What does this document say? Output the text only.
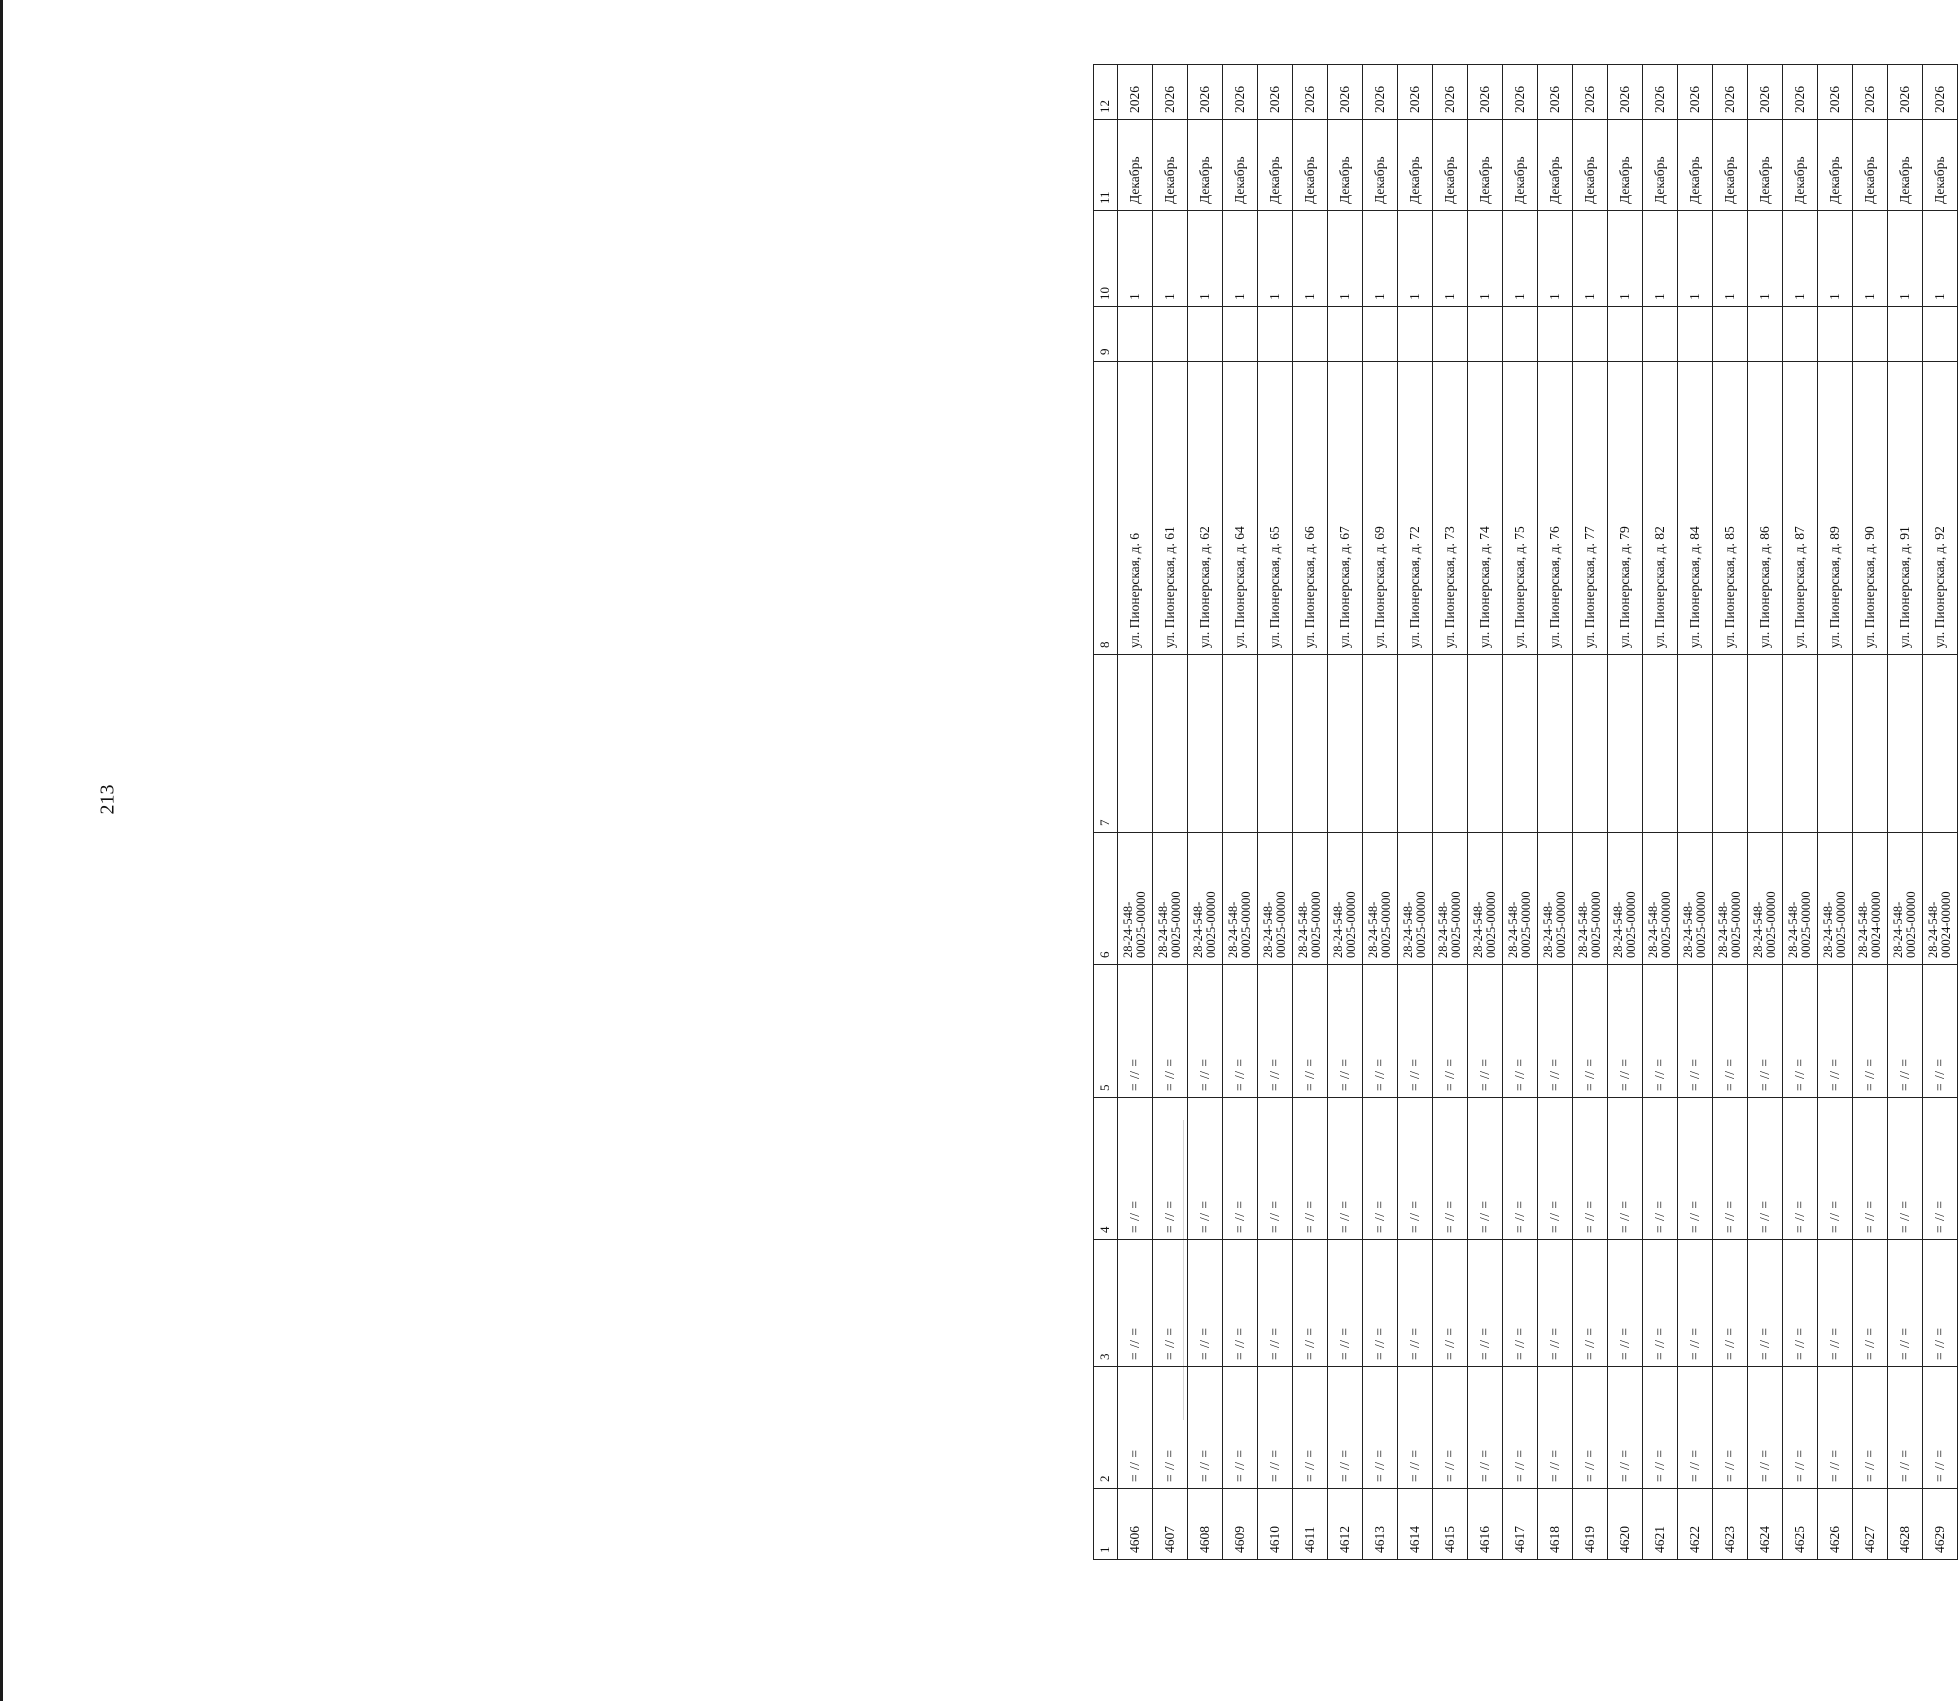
213
1	2	3	4	5	6	7	8	9	10	11	12
4606	= // =	= // =	= // =	= // =	28-24-548- 00025-00000		ул. Пионерская, д. 6		1	Декабрь	2026
4607	= // =	= // =	= // =	= // =	28-24-548- 00025-00000		ул. Пионерская, д. 61		1	Декабрь	2026
4608	= // =	= // =	= // =	= // =	28-24-548- 00025-00000		ул. Пионерская, д. 62		1	Декабрь	2026
4609	= // =	= // =	= // =	= // =	28-24-548- 00025-00000		ул. Пионерская, д. 64		1	Декабрь	2026
4610	= // =	= // =	= // =	= // =	28-24-548- 00025-00000		ул. Пионерская, д. 65		1	Декабрь	2026
4611	= // =	= // =	= // =	= // =	28-24-548- 00025-00000		ул. Пионерская, д. 66		1	Декабрь	2026
4612	= // =	= // =	= // =	= // =	28-24-548- 00025-00000		ул. Пионерская, д. 67		1	Декабрь	2026
4613	= // =	= // =	= // =	= // =	28-24-548- 00025-00000		ул. Пионерская, д. 69		1	Декабрь	2026
4614	= // =	= // =	= // =	= // =	28-24-548- 00025-00000		ул. Пионерская, д. 72		1	Декабрь	2026
4615	= // =	= // =	= // =	= // =	28-24-548- 00025-00000		ул. Пионерская, д. 73		1	Декабрь	2026
4616	= // =	= // =	= // =	= // =	28-24-548- 00025-00000		ул. Пионерская, д. 74		1	Декабрь	2026
4617	= // =	= // =	= // =	= // =	28-24-548- 00025-00000		ул. Пионерская, д. 75		1	Декабрь	2026
4618	= // =	= // =	= // =	= // =	28-24-548- 00025-00000		ул. Пионерская, д. 76		1	Декабрь	2026
4619	= // =	= // =	= // =	= // =	28-24-548- 00025-00000		ул. Пионерская, д. 77		1	Декабрь	2026
4620	= // =	= // =	= // =	= // =	28-24-548- 00025-00000		ул. Пионерская, д. 79		1	Декабрь	2026
4621	= // =	= // =	= // =	= // =	28-24-548- 00025-00000		ул. Пионерская, д. 82		1	Декабрь	2026
4622	= // =	= // =	= // =	= // =	28-24-548- 00025-00000		ул. Пионерская, д. 84		1	Декабрь	2026
4623	= // =	= // =	= // =	= // =	28-24-548- 00025-00000		ул. Пионерская, д. 85		1	Декабрь	2026
4624	= // =	= // =	= // =	= // =	28-24-548- 00025-00000		ул. Пионерская, д. 86		1	Декабрь	2026
4625	= // =	= // =	= // =	= // =	28-24-548- 00025-00000		ул. Пионерская, д. 87		1	Декабрь	2026
4626	= // =	= // =	= // =	= // =	28-24-548- 00025-00000		ул. Пионерская, д. 89		1	Декабрь	2026
4627	= // =	= // =	= // =	= // =	28-24-548- 00024-00000		ул. Пионерская, д. 90		1	Декабрь	2026
4628	= // =	= // =	= // =	= // =	28-24-548- 00025-00000		ул. Пионерская, д. 91		1	Декабрь	2026
4629	= // =	= // =	= // =	= // =	28-24-548- 00024-00000		ул. Пионерская, д. 92		1	Декабрь	2026
